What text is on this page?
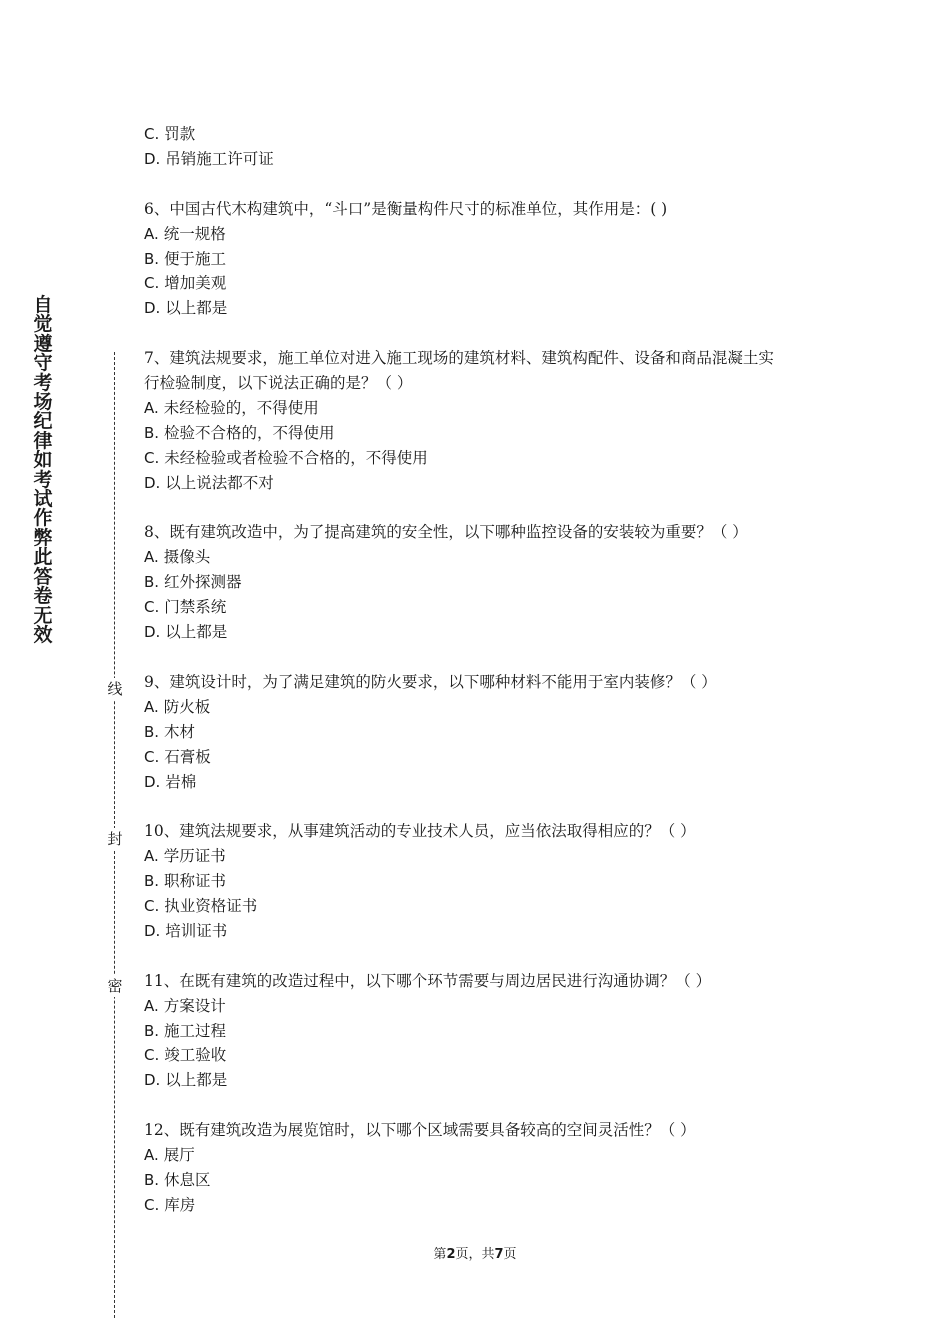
自觉遵守考场纪律如考试作弊此答卷无效
线
封
密
C. 罚款
D. 吊销施工许可证
6、中国古代木构建筑中，“斗口”是衡量构件尺寸的标准单位，其作用是：( )
A. 统一规格
B. 便于施工
C. 增加美观
D. 以上都是
7、建筑法规要求，施工单位对进入施工现场的建筑材料、建筑构配件、设备和商品混凝土实
行检验制度，以下说法正确的是？（ ）
A. 未经检验的，不得使用
B. 检验不合格的，不得使用
C. 未经检验或者检验不合格的，不得使用
D. 以上说法都不对
8、既有建筑改造中，为了提高建筑的安全性，以下哪种监控设备的安装较为重要？（ ）
A. 摄像头
B. 红外探测器
C. 门禁系统
D. 以上都是
9、建筑设计时，为了满足建筑的防火要求，以下哪种材料不能用于室内装修？（ ）
A. 防火板
B. 木材
C. 石膏板
D. 岩棉
10、建筑法规要求，从事建筑活动的专业技术人员，应当依法取得相应的？（ ）
A. 学历证书
B. 职称证书
C. 执业资格证书
D. 培训证书
11、在既有建筑的改造过程中，以下哪个环节需要与周边居民进行沟通协调？（ ）
A. 方案设计
B. 施工过程
C. 竣工验收
D. 以上都是
12、既有建筑改造为展览馆时，以下哪个区域需要具备较高的空间灵活性？（ ）
A. 展厅
B. 休息区
C. 库房
第2页，共7页
